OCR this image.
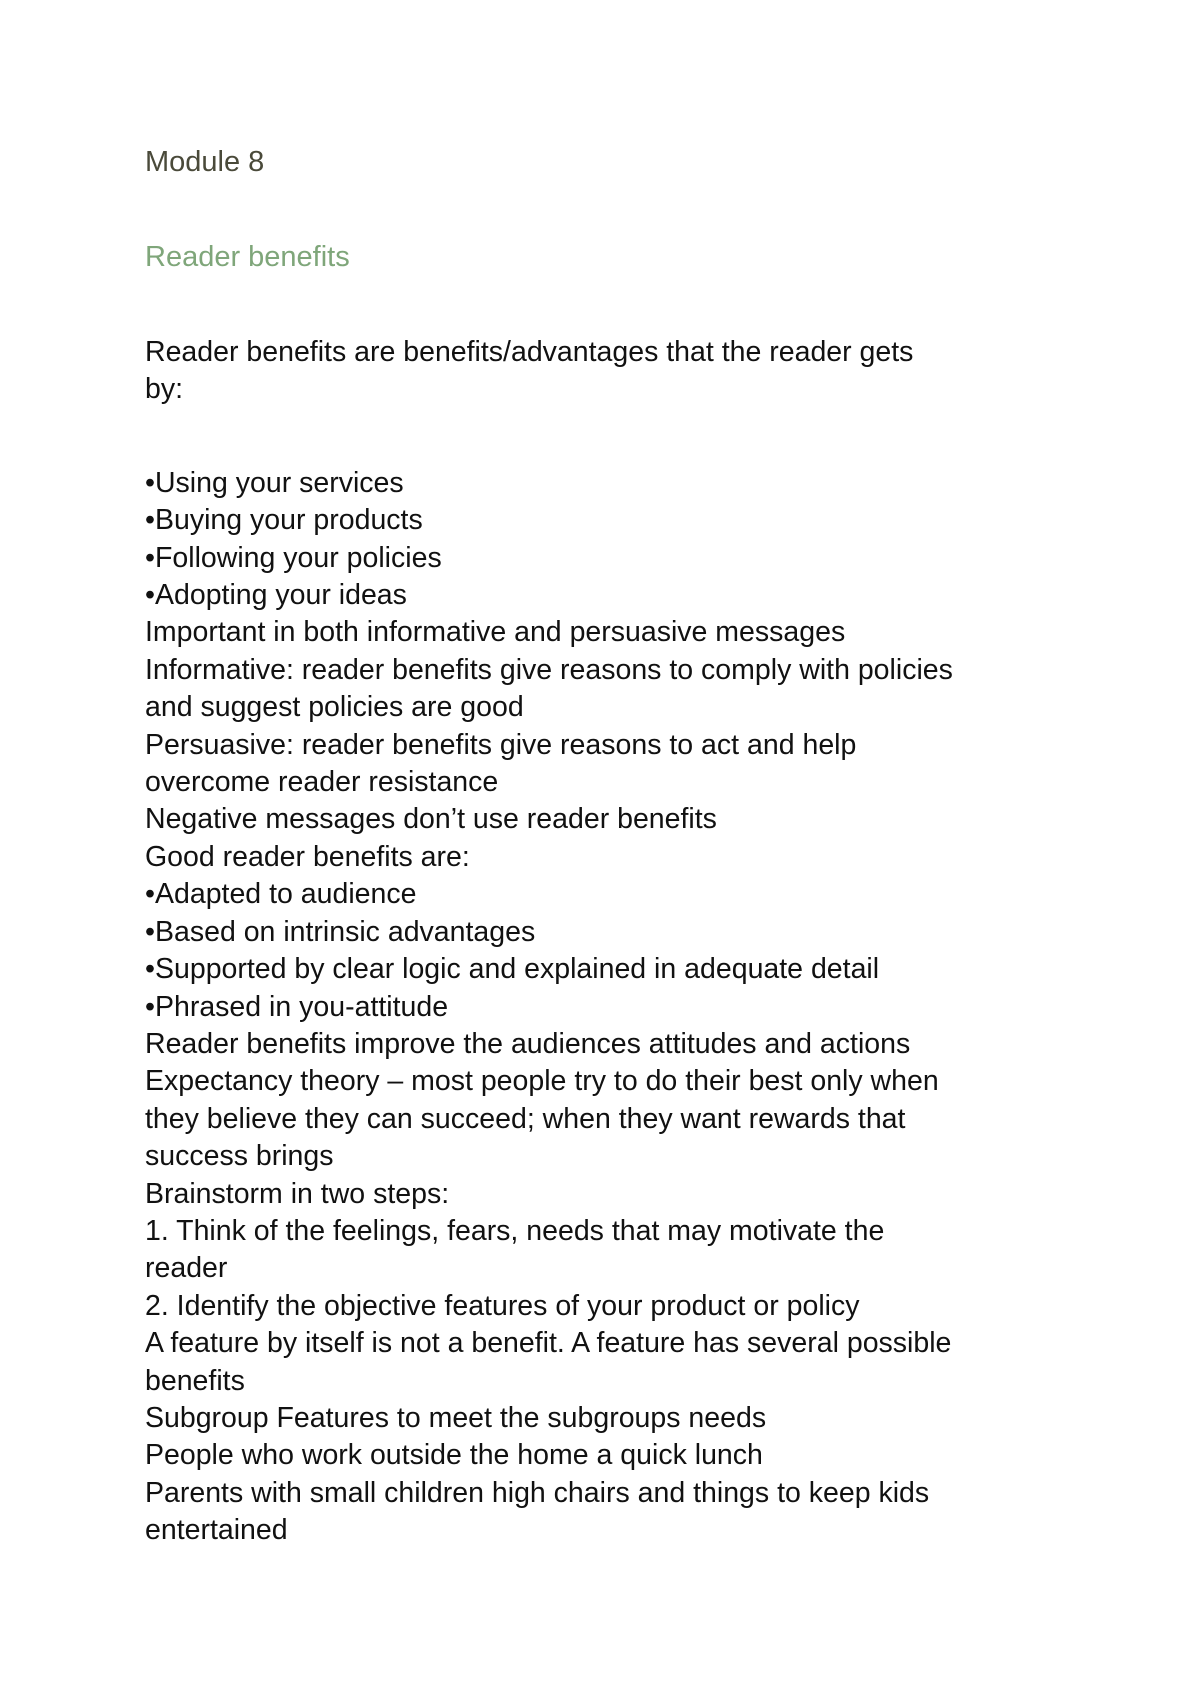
Module 8
Reader benefits
Reader benefits are benefits/advantages that the reader gets
by:
•Using your services
•Buying your products
•Following your policies
•Adopting your ideas
Important in both informative and persuasive messages
Informative: reader benefits give reasons to comply with policies
and suggest policies are good
Persuasive: reader benefits give reasons to act and help
overcome reader resistance
Negative messages don’t use reader benefits
Good reader benefits are:
•Adapted to audience
•Based on intrinsic advantages
•Supported by clear logic and explained in adequate detail
•Phrased in you-attitude
Reader benefits improve the audiences attitudes and actions
Expectancy theory – most people try to do their best only when
they believe they can succeed; when they want rewards that
success brings
Brainstorm in two steps:
1. Think of the feelings, fears, needs that may motivate the
reader
2. Identify the objective features of your product or policy
A feature by itself is not a benefit. A feature has several possible
benefits
Subgroup Features to meet the subgroups needs
People who work outside the home a quick lunch
Parents with small children high chairs and things to keep kids
entertained
